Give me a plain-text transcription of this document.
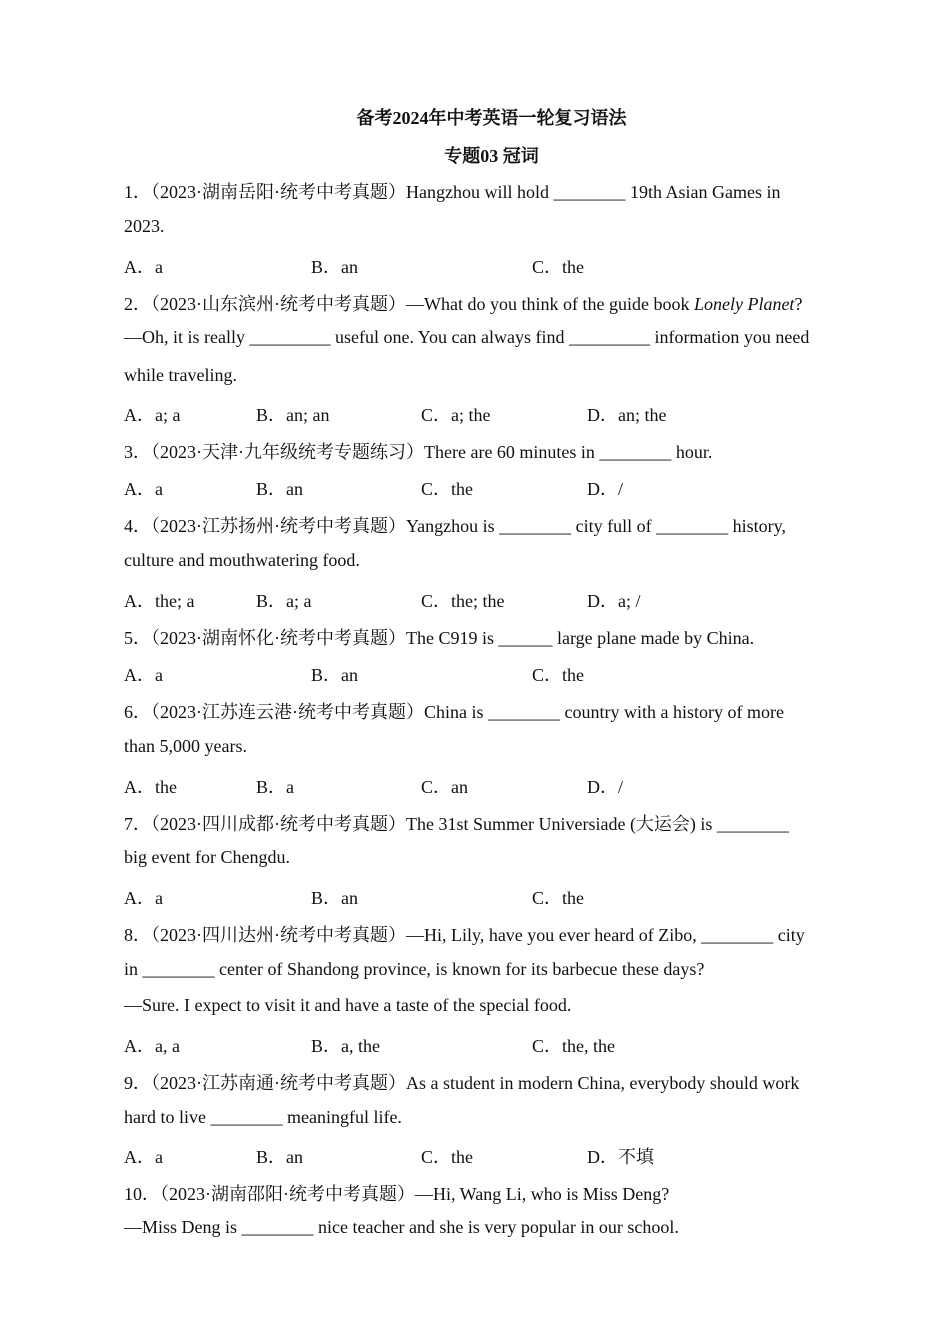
备考2024年中考英语一轮复习语法
专题03 冠词
1．（2023·湖南岳阳·统考中考真题）Hangzhou will hold ________ 19th Asian Games in
2023.
A．a	B．an	C．the
2．（2023·山东滨州·统考中考真题）—What do you think of the guide book Lonely Planet?
—Oh, it is really _________ useful one. You can always find _________ information you need
while traveling.
A．a; a	B．an; an	C．a; the	D．an; the
3．（2023·天津·九年级统考专题练习）There are 60 minutes in ________ hour.
A．a	B．an	C．the	D．/
4．（2023·江苏扬州·统考中考真题）Yangzhou is ________ city full of ________ history,
culture and mouthwatering food.
A．the; a	B．a; a	C．the; the	D．a; /
5．（2023·湖南怀化·统考中考真题）The C919 is ______ large plane made by China.
A．a	B．an	C．the
6．（2023·江苏连云港·统考中考真题）China is ________ country with a history of more
than 5,000 years.
A．the	B．a	C．an	D．/
7．（2023·四川成都·统考中考真题）The 31st Summer Universiade (大运会) is ________
big event for Chengdu.
A．a	B．an	C．the
8．（2023·四川达州·统考中考真题）—Hi, Lily, have you ever heard of Zibo, ________ city
in ________ center of Shandong province, is known for its barbecue these days?
—Sure. I expect to visit it and have a taste of the special food.
A．a, a	B．a, the	C．the, the
9．（2023·江苏南通·统考中考真题）As a student in modern China, everybody should work
hard to live ________ meaningful life.
A．a	B．an	C．the	D．不填
10．（2023·湖南邵阳·统考中考真题）—Hi, Wang Li, who is Miss Deng?
—Miss Deng is ________ nice teacher and she is very popular in our school.
